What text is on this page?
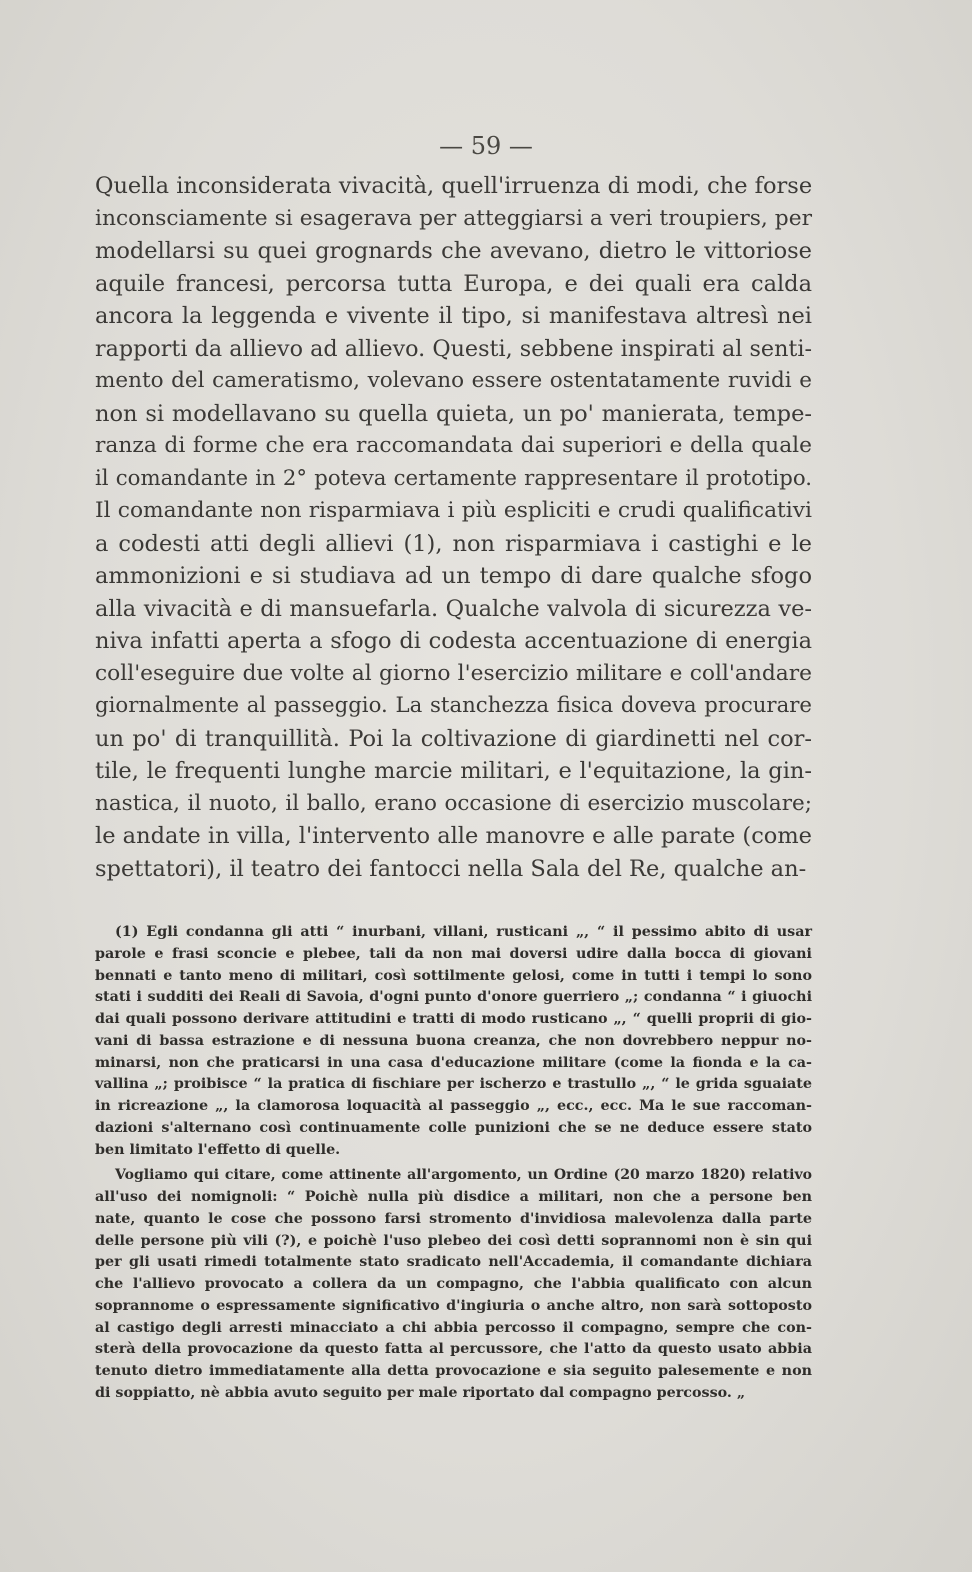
— 59 —
Quella inconsiderata vivacità, quell'irruenza di modi, che forse
inconsciamente si esagerava per atteggiarsi a veri troupiers, per
modellarsi su quei grognards che avevano, dietro le vittoriose
aquile francesi, percorsa tutta Europa, e dei quali era calda
ancora la leggenda e vivente il tipo, si manifestava altresì nei
rapporti da allievo ad allievo. Questi, sebbene inspirati al senti-
mento del cameratismo, volevano essere ostentatamente ruvidi e
non si modellavano su quella quieta, un po' manierata, tempe-
ranza di forme che era raccomandata dai superiori e della quale
il comandante in 2° poteva certamente rappresentare il prototipo.
Il comandante non risparmiava i più espliciti e crudi qualificativi
a codesti atti degli allievi (1), non risparmiava i castighi e le
ammonizioni e si studiava ad un tempo di dare qualche sfogo
alla vivacità e di mansuefarla. Qualche valvola di sicurezza ve-
niva infatti aperta a sfogo di codesta accentuazione di energia
coll'eseguire due volte al giorno l'esercizio militare e coll'andare
giornalmente al passeggio. La stanchezza fisica doveva procurare
un po' di tranquillità. Poi la coltivazione di giardinetti nel cor-
tile, le frequenti lunghe marcie militari, e l'equitazione, la gin-
nastica, il nuoto, il ballo, erano occasione di esercizio muscolare;
le andate in villa, l'intervento alle manovre e alle parate (come
spettatori), il teatro dei fantocci nella Sala del Re, qualche an-
(1) Egli condanna gli atti “ inurbani, villani, rusticani „, “ il pessimo abito di usar
parole e frasi sconcie e plebee, tali da non mai doversi udire dalla bocca di giovani
bennati e tanto meno di militari, così sottilmente gelosi, come in tutti i tempi lo sono
stati i sudditi dei Reali di Savoia, d'ogni punto d'onore guerriero „; condanna “ i giuochi
dai quali possono derivare attitudini e tratti di modo rusticano „, “ quelli proprii di gio-
vani di bassa estrazione e di nessuna buona creanza, che non dovrebbero neppur no-
minarsi, non che praticarsi in una casa d'educazione militare (come la fionda e la ca-
vallina „; proibisce “ la pratica di fischiare per ischerzo e trastullo „, “ le grida sguaiate
in ricreazione „, la clamorosa loquacità al passeggio „, ecc., ecc. Ma le sue raccoman-
dazioni s'alternano così continuamente colle punizioni che se ne deduce essere stato
ben limitato l'effetto di quelle.
Vogliamo qui citare, come attinente all'argomento, un Ordine (20 marzo 1820) relativo
all'uso dei nomignoli: “ Poichè nulla più disdice a militari, non che a persone ben
nate, quanto le cose che possono farsi stromento d'invidiosa malevolenza dalla parte
delle persone più vili (?), e poichè l'uso plebeo dei così detti soprannomi non è sin qui
per gli usati rimedi totalmente stato sradicato nell'Accademia, il comandante dichiara
che l'allievo provocato a collera da un compagno, che l'abbia qualificato con alcun
soprannome o espressamente significativo d'ingiuria o anche altro, non sarà sottoposto
al castigo degli arresti minacciato a chi abbia percosso il compagno, sempre che con-
sterà della provocazione da questo fatta al percussore, che l'atto da questo usato abbia
tenuto dietro immediatamente alla detta provocazione e sia seguito palesemente e non
di soppiatto, nè abbia avuto seguito per male riportato dal compagno percosso. „
